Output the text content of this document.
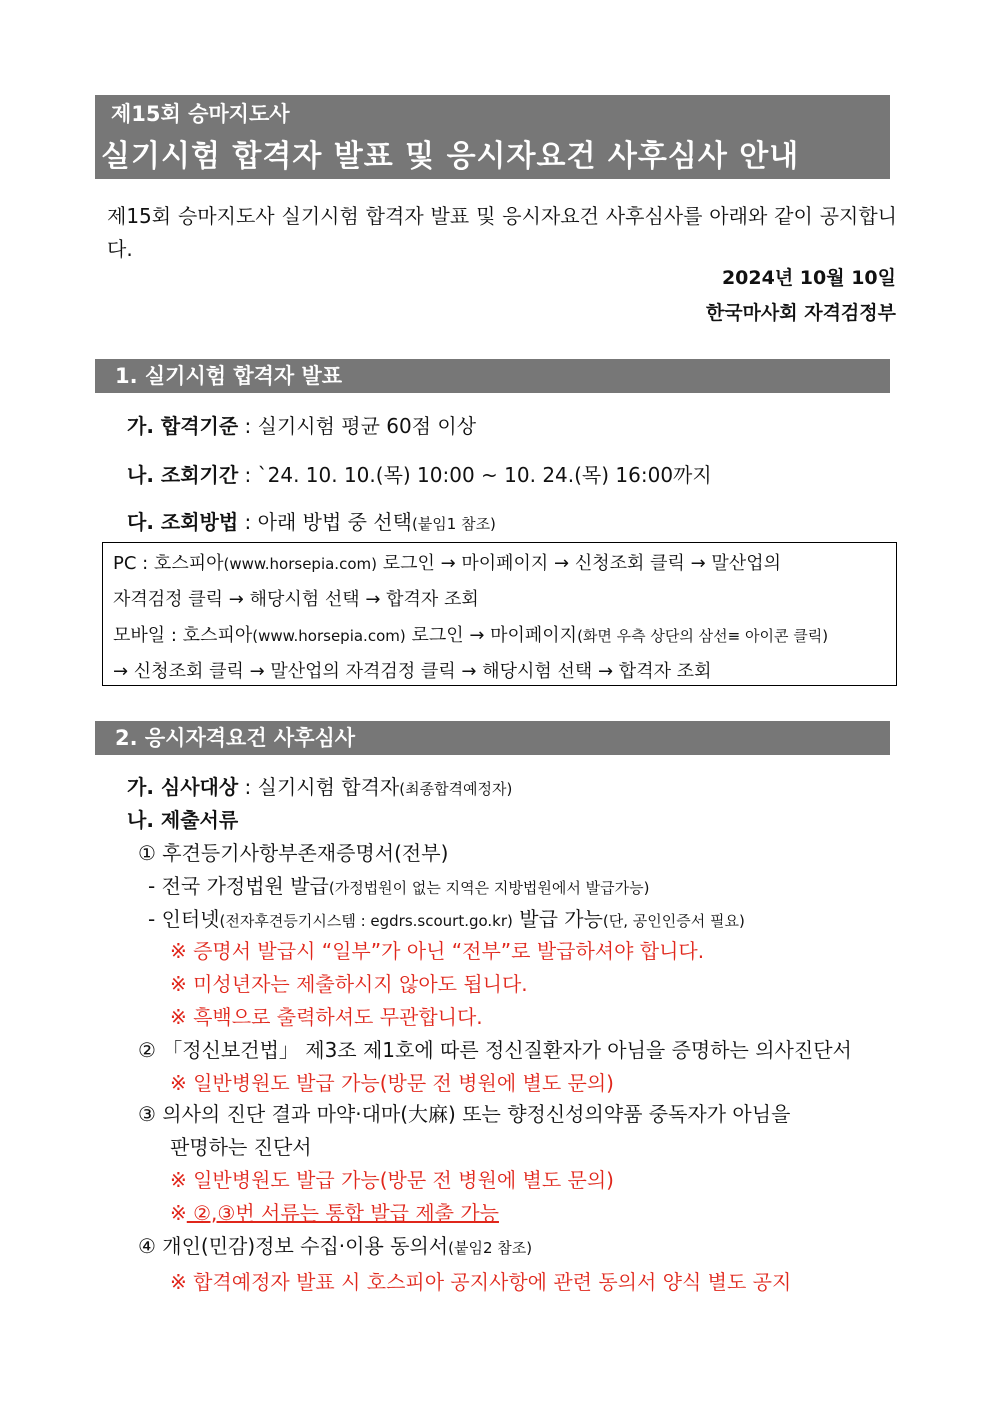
제15회 승마지도사
실기시험 합격자 발표 및 응시자요건 사후심사 안내
제15회 승마지도사 실기시험 합격자 발표 및 응시자요건 사후심사를 아래와 같이 공지합니다.
2024년 10월 10일
한국마사회 자격검정부
1. 실기시험 합격자 발표
가. 합격기준 : 실기시험 평균 60점 이상
나. 조회기간 : `24. 10. 10.(목) 10:00 ~ 10. 24.(목) 16:00까지
다. 조회방법 : 아래 방법 중 선택(붙임1 참조)
PC : 호스피아(www.horsepia.com) 로그인 → 마이페이지 → 신청조회 클릭 → 말산업의
자격검정 클릭 → 해당시험 선택 → 합격자 조회
모바일 : 호스피아(www.horsepia.com) 로그인 → 마이페이지(화면 우측 상단의 삼선≡ 아이콘 클릭)
→ 신청조회 클릭 → 말산업의 자격검정 클릭 → 해당시험 선택 → 합격자 조회
2. 응시자격요건 사후심사
가. 심사대상 : 실기시험 합격자(최종합격예정자)
나. 제출서류
① 후견등기사항부존재증명서(전부)
- 전국 가정법원 발급(가정법원이 없는 지역은 지방법원에서 발급가능)
- 인터넷(전자후견등기시스템 : egdrs.scourt.go.kr) 발급 가능(단, 공인인증서 필요)
※ 증명서 발급시 “일부”가 아닌 “전부”로 발급하셔야 합니다.
※ 미성년자는 제출하시지 않아도 됩니다.
※ 흑백으로 출력하셔도 무관합니다.
② 「정신보건법」 제3조 제1호에 따른 정신질환자가 아님을 증명하는 의사진단서
※ 일반병원도 발급 가능(방문 전 병원에 별도 문의)
③ 의사의 진단 결과 마약·대마(大麻) 또는 향정신성의약품 중독자가 아님을
판명하는 진단서
※ 일반병원도 발급 가능(방문 전 병원에 별도 문의)
※ ②,③번 서류는 통합 발급 제출 가능
④ 개인(민감)정보 수집·이용 동의서(붙임2 참조)
※ 합격예정자 발표 시 호스피아 공지사항에 관련 동의서 양식 별도 공지
